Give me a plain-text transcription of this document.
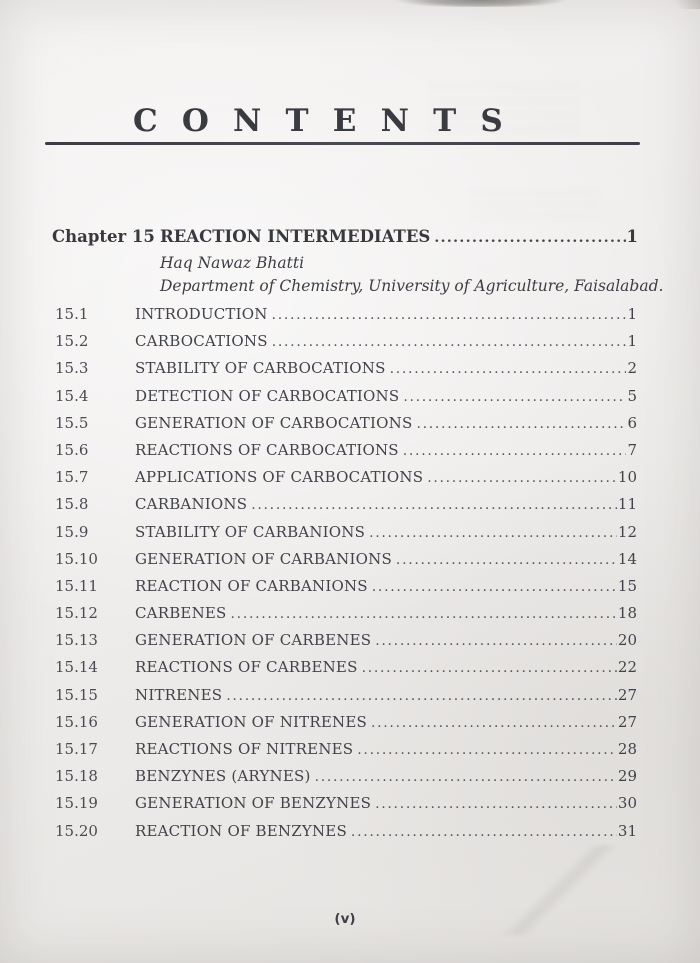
CONTENTS
Chapter 15 REACTION INTERMEDIATES .....	1
Haq Nawaz Bhatti
Department of Chemistry, University of Agriculture, Faisalabad.
15.1	INTRODUCTION .....	1
15.2	CARBOCATIONS .....	1
15.3	STABILITY OF CARBOCATIONS .....	2
15.4	DETECTION OF CARBOCATIONS .....	5
15.5	GENERATION OF CARBOCATIONS .....	6
15.6	REACTIONS OF CARBOCATIONS .....	7
15.7	APPLICATIONS OF CARBOCATIONS .....	10
15.8	CARBANIONS .....	11
15.9	STABILITY OF CARBANIONS .....	12
15.10	GENERATION OF CARBANIONS .....	14
15.11	REACTION OF CARBANIONS .....	15
15.12	CARBENES .....	18
15.13	GENERATION OF CARBENES .....	20
15.14	REACTIONS OF CARBENES .....	22
15.15	NITRENES .....	27
15.16	GENERATION OF NITRENES .....	27
15.17	REACTIONS OF NITRENES .....	28
15.18	BENZYNES (ARYNES) .....	29
15.19	GENERATION OF BENZYNES .....	30
15.20	REACTION OF BENZYNES .....	31
(v)
